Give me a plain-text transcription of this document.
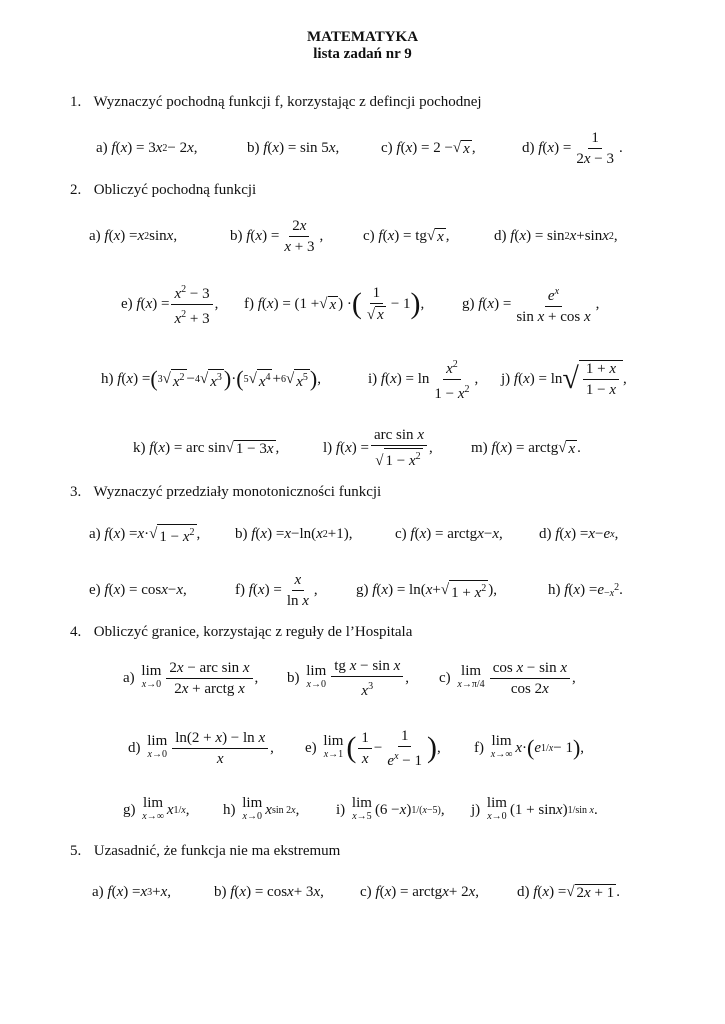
MATEMATYKA
lista zadań nr 9
1. Wyznaczyć pochodną funkcji f, korzystając z defincji pochodnej
a)
f ( x ) = 3 x 2 − 2 x ,	b)
f ( x ) = sin 5 x ,	c)
f ( x ) = 2 − √ x ,	d)
f ( x ) =
1
2x − 3
.
2. Obliczyć pochodną funkcji
a)
f ( x ) = x 2 sin x ,	b)
f ( x ) =
2x
x + 3
,	c)
f ( x ) = tg √ x ,	d)
f ( x ) = sin 2 x +sin x 2 ,
e)
f ( x ) =
$x^2 - 3$
$x^2 + 3$
, f)
f ( x ) = (1 + √ x ) · ( 1
√ x
− 1 ) ,	g)
f ( x ) = $e^x$
sin x + cos x
,
h)
f ( x ) = ( 3 √ $x^2 - 4$ √ $x^3$ ) · ( 5 √ $x^4 + 6$ √ $x^5$ ) ,	i)
f ( x ) = ln
$x^2$
$1 - x^2$
, j)
f ( x ) = ln √ $\frac{1 + x}{1 - x}$ ,
k)
f ( x ) = arc sin √ 1 − 3x ,	l)
f ( x ) =
arc sin x
√ $1 - x^2$
,	m)
f ( x ) = arctg √ x .
3. Wyznaczyć przedziały monotoniczności funkcji
a)
f ( x ) = x · √ $1 - x^2$ , b)
f ( x ) = x −ln( x 2 +1),	c)
f ( x ) = arctg x − x , d)
f ( x ) = x − e x ,
e)
f ( x ) = cos x − x ,	f)
f ( x ) =
x
ln x
,	g)
f ( x ) = ln( x + √ $1 + x^2$ ),	h)
f ( x ) = $e -x^2$ .
4. Obliczyć granice, korzystając z reguły de l’Hospitala
a)
lim
x→0
2x − arc sin x
2x + arctg x
, b)
lim
x→0
tg x − sin x
$x^3$
, c)
lim
x→π/4
cos x − sin x
cos 2x
,
d)
lim
x→0
ln(2 + x) − ln x
x
, e)
lim
x→1 ( 1
x
−
1
$e^x - 1$ ) , f)
lim
x→∞ x · ( e 1/x − 1 ) ,
g)
lim
x→∞ x 1/x , h)
lim
x→0 x sin 2x , i)
lim
x→5 (6 − x ) 1/(x−5) , j)
lim
x→0 (1 + sin x ) 1/sin x .
5. Uzasadnić, że funkcja nie ma ekstremum
a)
f ( x ) = x 3 + x ,	b)
f ( x ) = cos x + 3 x , c)
f ( x ) = arctg x + 2 x ,	d)
f ( x ) = √ 2x + 1 .
